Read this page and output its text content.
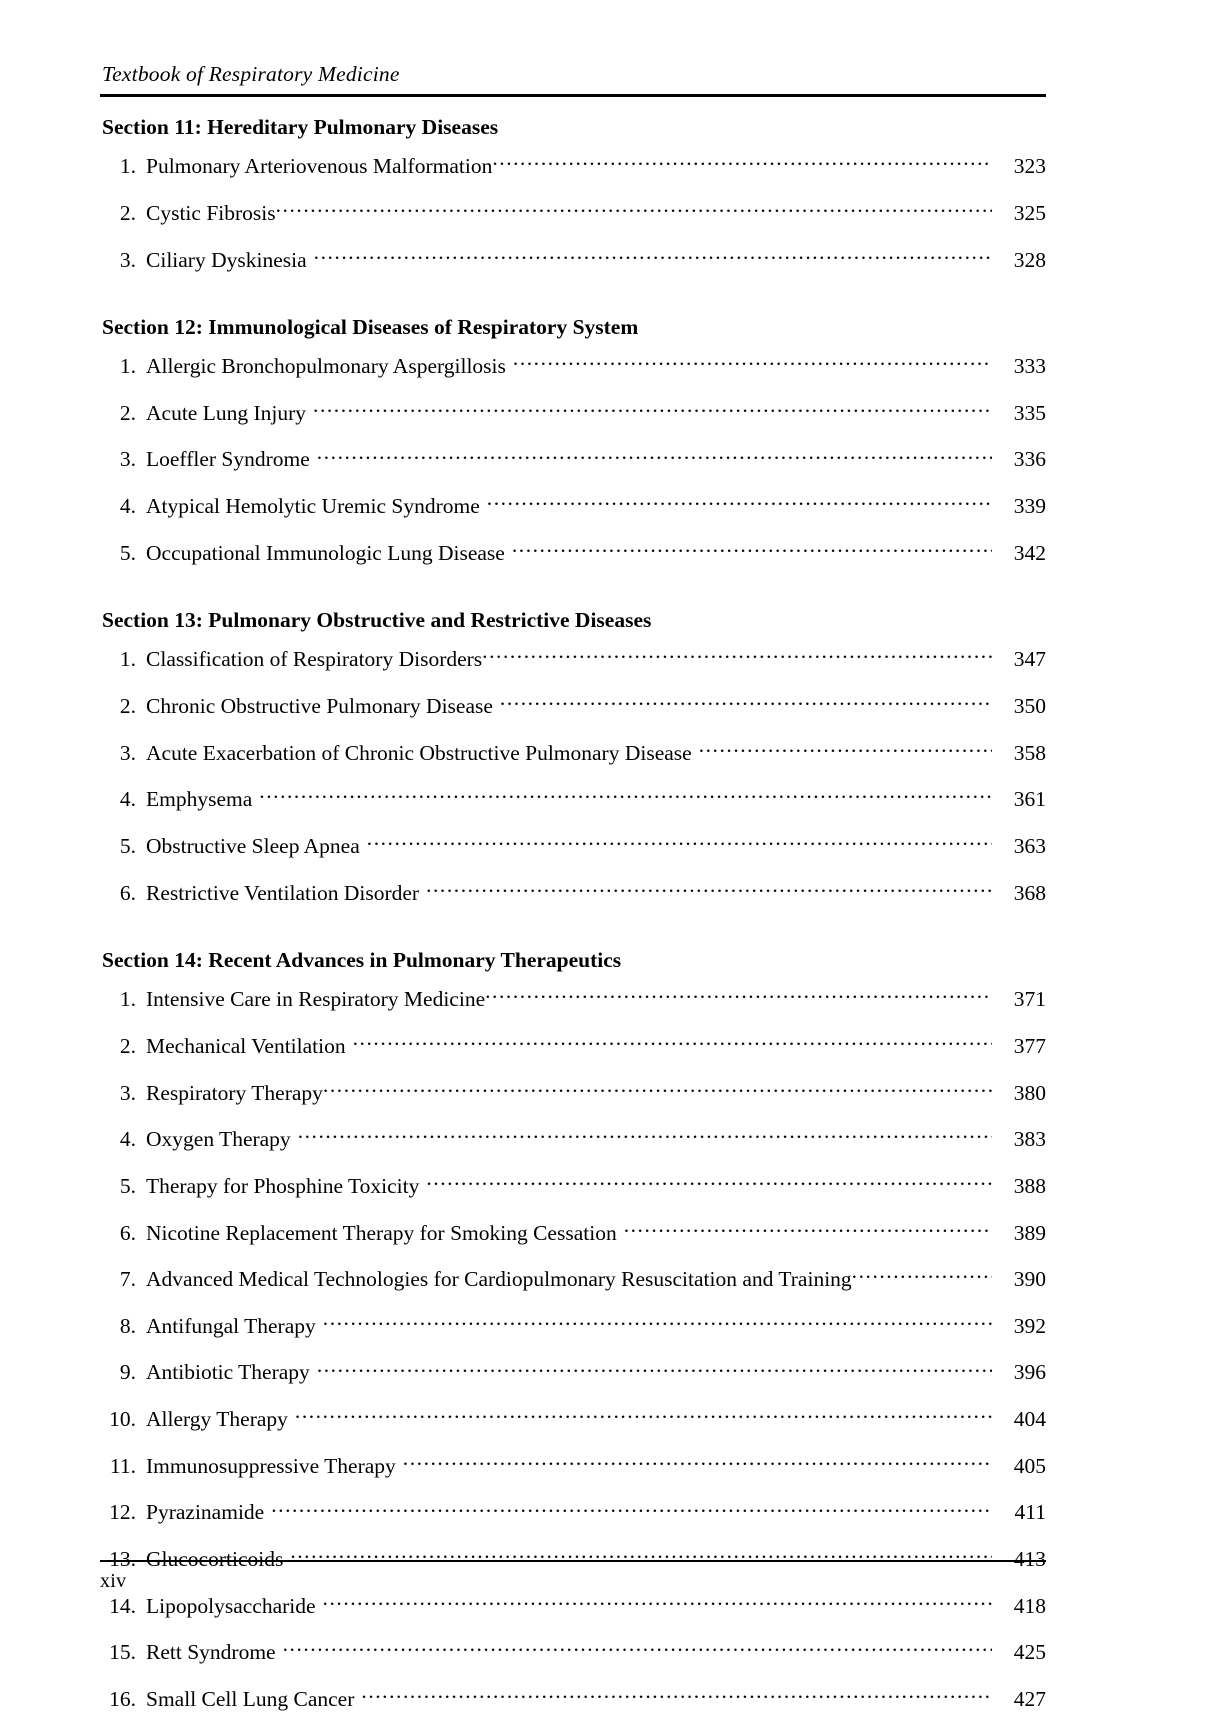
Textbook of Respiratory Medicine
Section 11: Hereditary Pulmonary Diseases
1. Pulmonary Arteriovenous Malformation .....	323
2. Cystic Fibrosis .....	325
3. Ciliary Dyskinesia .....	328
Section 12: Immunological Diseases of Respiratory System
1. Allergic Bronchopulmonary Aspergillosis .....	333
2. Acute Lung Injury .....	335
3. Loeffler Syndrome .....	336
4. Atypical Hemolytic Uremic Syndrome .....	339
5. Occupational Immunologic Lung Disease .....	342
Section 13: Pulmonary Obstructive and Restrictive Diseases
1. Classification of Respiratory Disorders .....	347
2. Chronic Obstructive Pulmonary Disease .....	350
3. Acute Exacerbation of Chronic Obstructive Pulmonary Disease .....	358
4. Emphysema .....	361
5. Obstructive Sleep Apnea .....	363
6. Restrictive Ventilation Disorder .....	368
Section 14: Recent Advances in Pulmonary Therapeutics
1. Intensive Care in Respiratory Medicine .....	371
2. Mechanical Ventilation .....	377
3. Respiratory Therapy .....	380
4. Oxygen Therapy .....	383
5. Therapy for Phosphine Toxicity .....	388
6. Nicotine Replacement Therapy for Smoking Cessation .....	389
7. Advanced Medical Technologies for Cardiopulmonary Resuscitation and Training .....	390
8. Antifungal Therapy .....	392
9. Antibiotic Therapy .....	396
10. Allergy Therapy .....	404
11. Immunosuppressive Therapy .....	405
12. Pyrazinamide .....	411
13. Glucocorticoids .....	413
14. Lipopolysaccharide .....	418
15. Rett Syndrome .....	425
16. Small Cell Lung Cancer .....	427
xiv
